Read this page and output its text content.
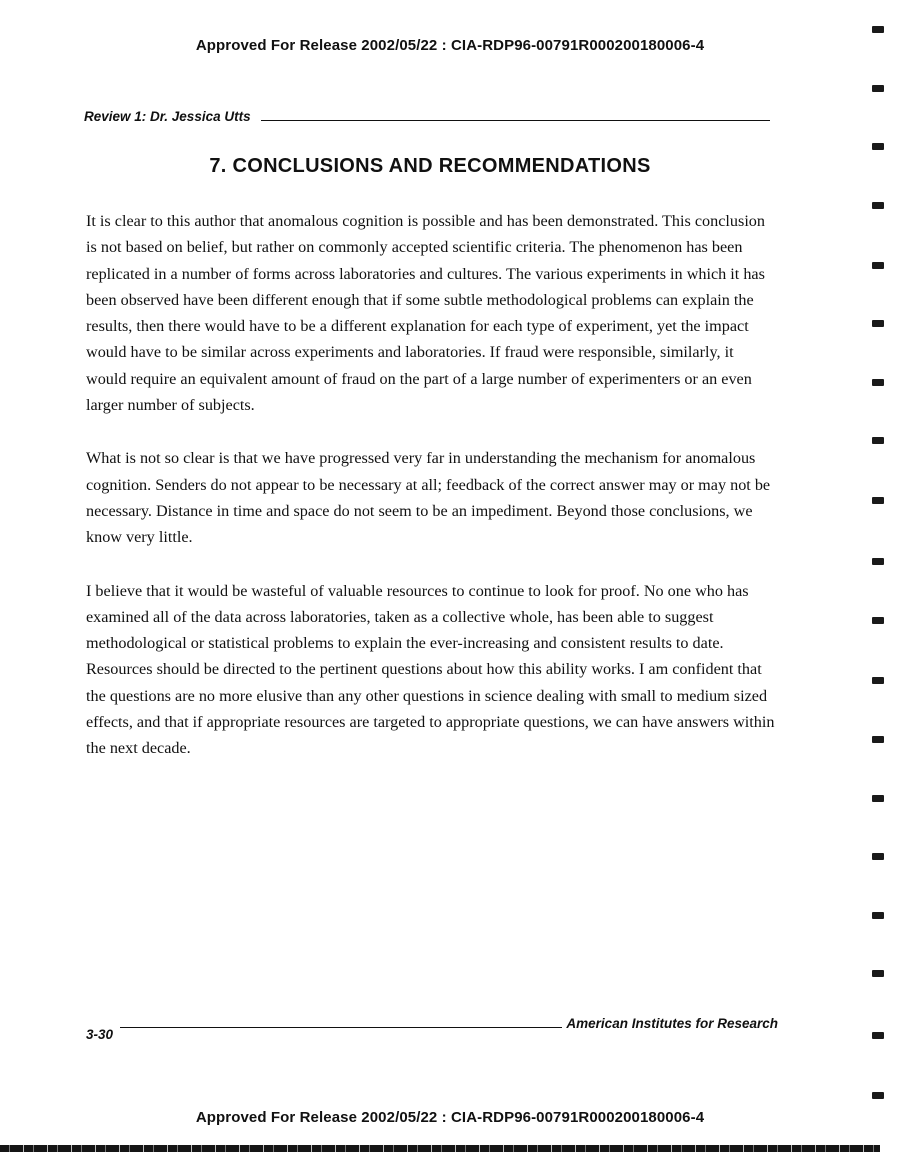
Approved For Release 2002/05/22 : CIA-RDP96-00791R000200180006-4
Review 1: Dr. Jessica Utts
7. CONCLUSIONS AND RECOMMENDATIONS

It is clear to this author that anomalous cognition is possible and has been demonstrated. This conclusion is not based on belief, but rather on commonly accepted scientific criteria. The phenomenon has been replicated in a number of forms across laboratories and cultures. The various experiments in which it has been observed have been different enough that if some subtle methodological problems can explain the results, then there would have to be a different explanation for each type of experiment, yet the impact would have to be similar across experiments and laboratories. If fraud were responsible, similarly, it would require an equivalent amount of fraud on the part of a large number of experimenters or an even larger number of subjects.

What is not so clear is that we have progressed very far in understanding the mechanism for anomalous cognition. Senders do not appear to be necessary at all; feedback of the correct answer may or may not be necessary. Distance in time and space do not seem to be an impediment. Beyond those conclusions, we know very little.

I believe that it would be wasteful of valuable resources to continue to look for proof. No one who has examined all of the data across laboratories, taken as a collective whole, has been able to suggest methodological or statistical problems to explain the ever-increasing and consistent results to date. Resources should be directed to the pertinent questions about how this ability works. I am confident that the questions are no more elusive than any other questions in science dealing with small to medium sized effects, and that if appropriate resources are targeted to appropriate questions, we can have answers within the next decade.

3-30
American Institutes for Research
Approved For Release 2002/05/22 : CIA-RDP96-00791R000200180006-4
